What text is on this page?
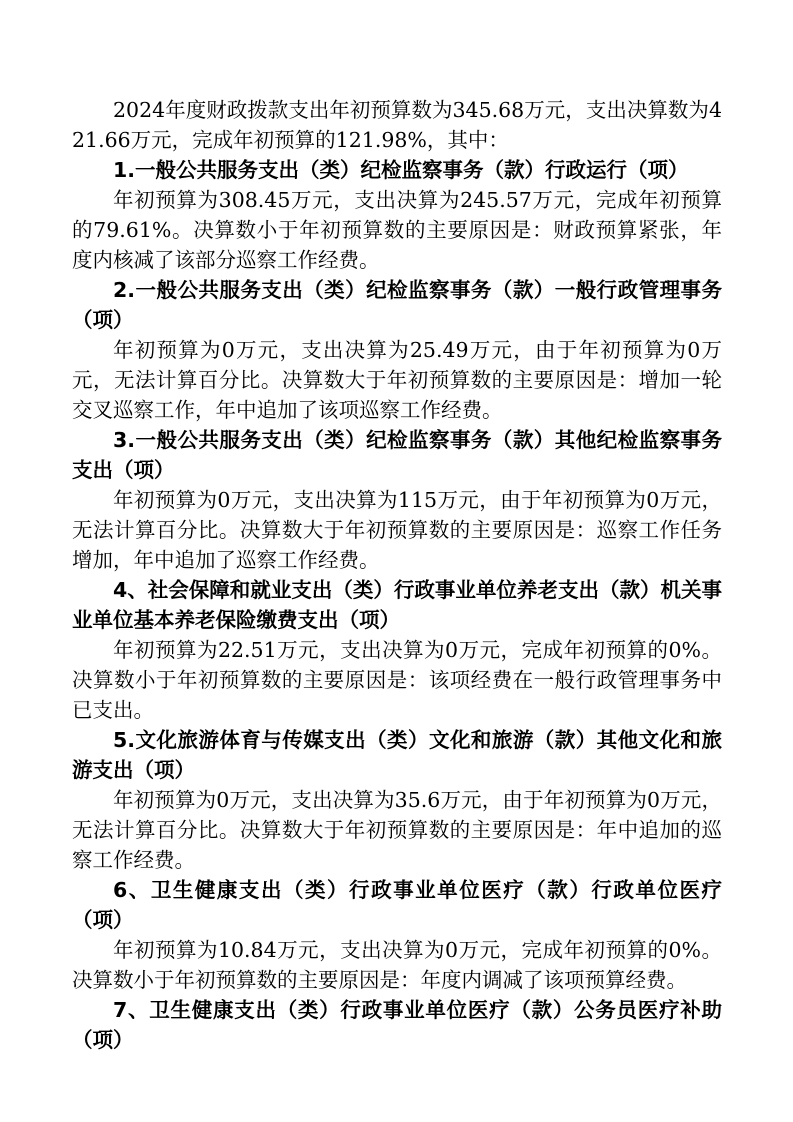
2024年度财政拨款支出年初预算数为345.68万元，支出决算数为421.66万元，完成年初预算的121.98%，其中：

1.一般公共服务支出（类）纪检监察事务（款）行政运行（项）

年初预算为308.45万元，支出决算为245.57万元，完成年初预算的79.61%。决算数小于年初预算数的主要原因是：财政预算紧张，年度内核减了该部分巡察工作经费。

2.一般公共服务支出（类）纪检监察事务（款）一般行政管理事务（项）

年初预算为0万元，支出决算为25.49万元，由于年初预算为0万元，无法计算百分比。决算数大于年初预算数的主要原因是：增加一轮交叉巡察工作，年中追加了该项巡察工作经费。

3.一般公共服务支出（类）纪检监察事务（款）其他纪检监察事务支出（项）

年初预算为0万元，支出决算为115万元，由于年初预算为0万元，无法计算百分比。决算数大于年初预算数的主要原因是：巡察工作任务增加，年中追加了巡察工作经费。

4、社会保障和就业支出（类）行政事业单位养老支出（款）机关事业单位基本养老保险缴费支出（项）

年初预算为22.51万元，支出决算为0万元，完成年初预算的0%。决算数小于年初预算数的主要原因是：该项经费在一般行政管理事务中已支出。

5.文化旅游体育与传媒支出（类）文化和旅游（款）其他文化和旅游支出（项）

年初预算为0万元，支出决算为35.6万元，由于年初预算为0万元，无法计算百分比。决算数大于年初预算数的主要原因是：年中追加的巡察工作经费。

6、卫生健康支出（类）行政事业单位医疗（款）行政单位医疗（项）

年初预算为10.84万元，支出决算为0万元，完成年初预算的0%。决算数小于年初预算数的主要原因是：年度内调减了该项预算经费。

7、卫生健康支出（类）行政事业单位医疗（款）公务员医疗补助（项）
